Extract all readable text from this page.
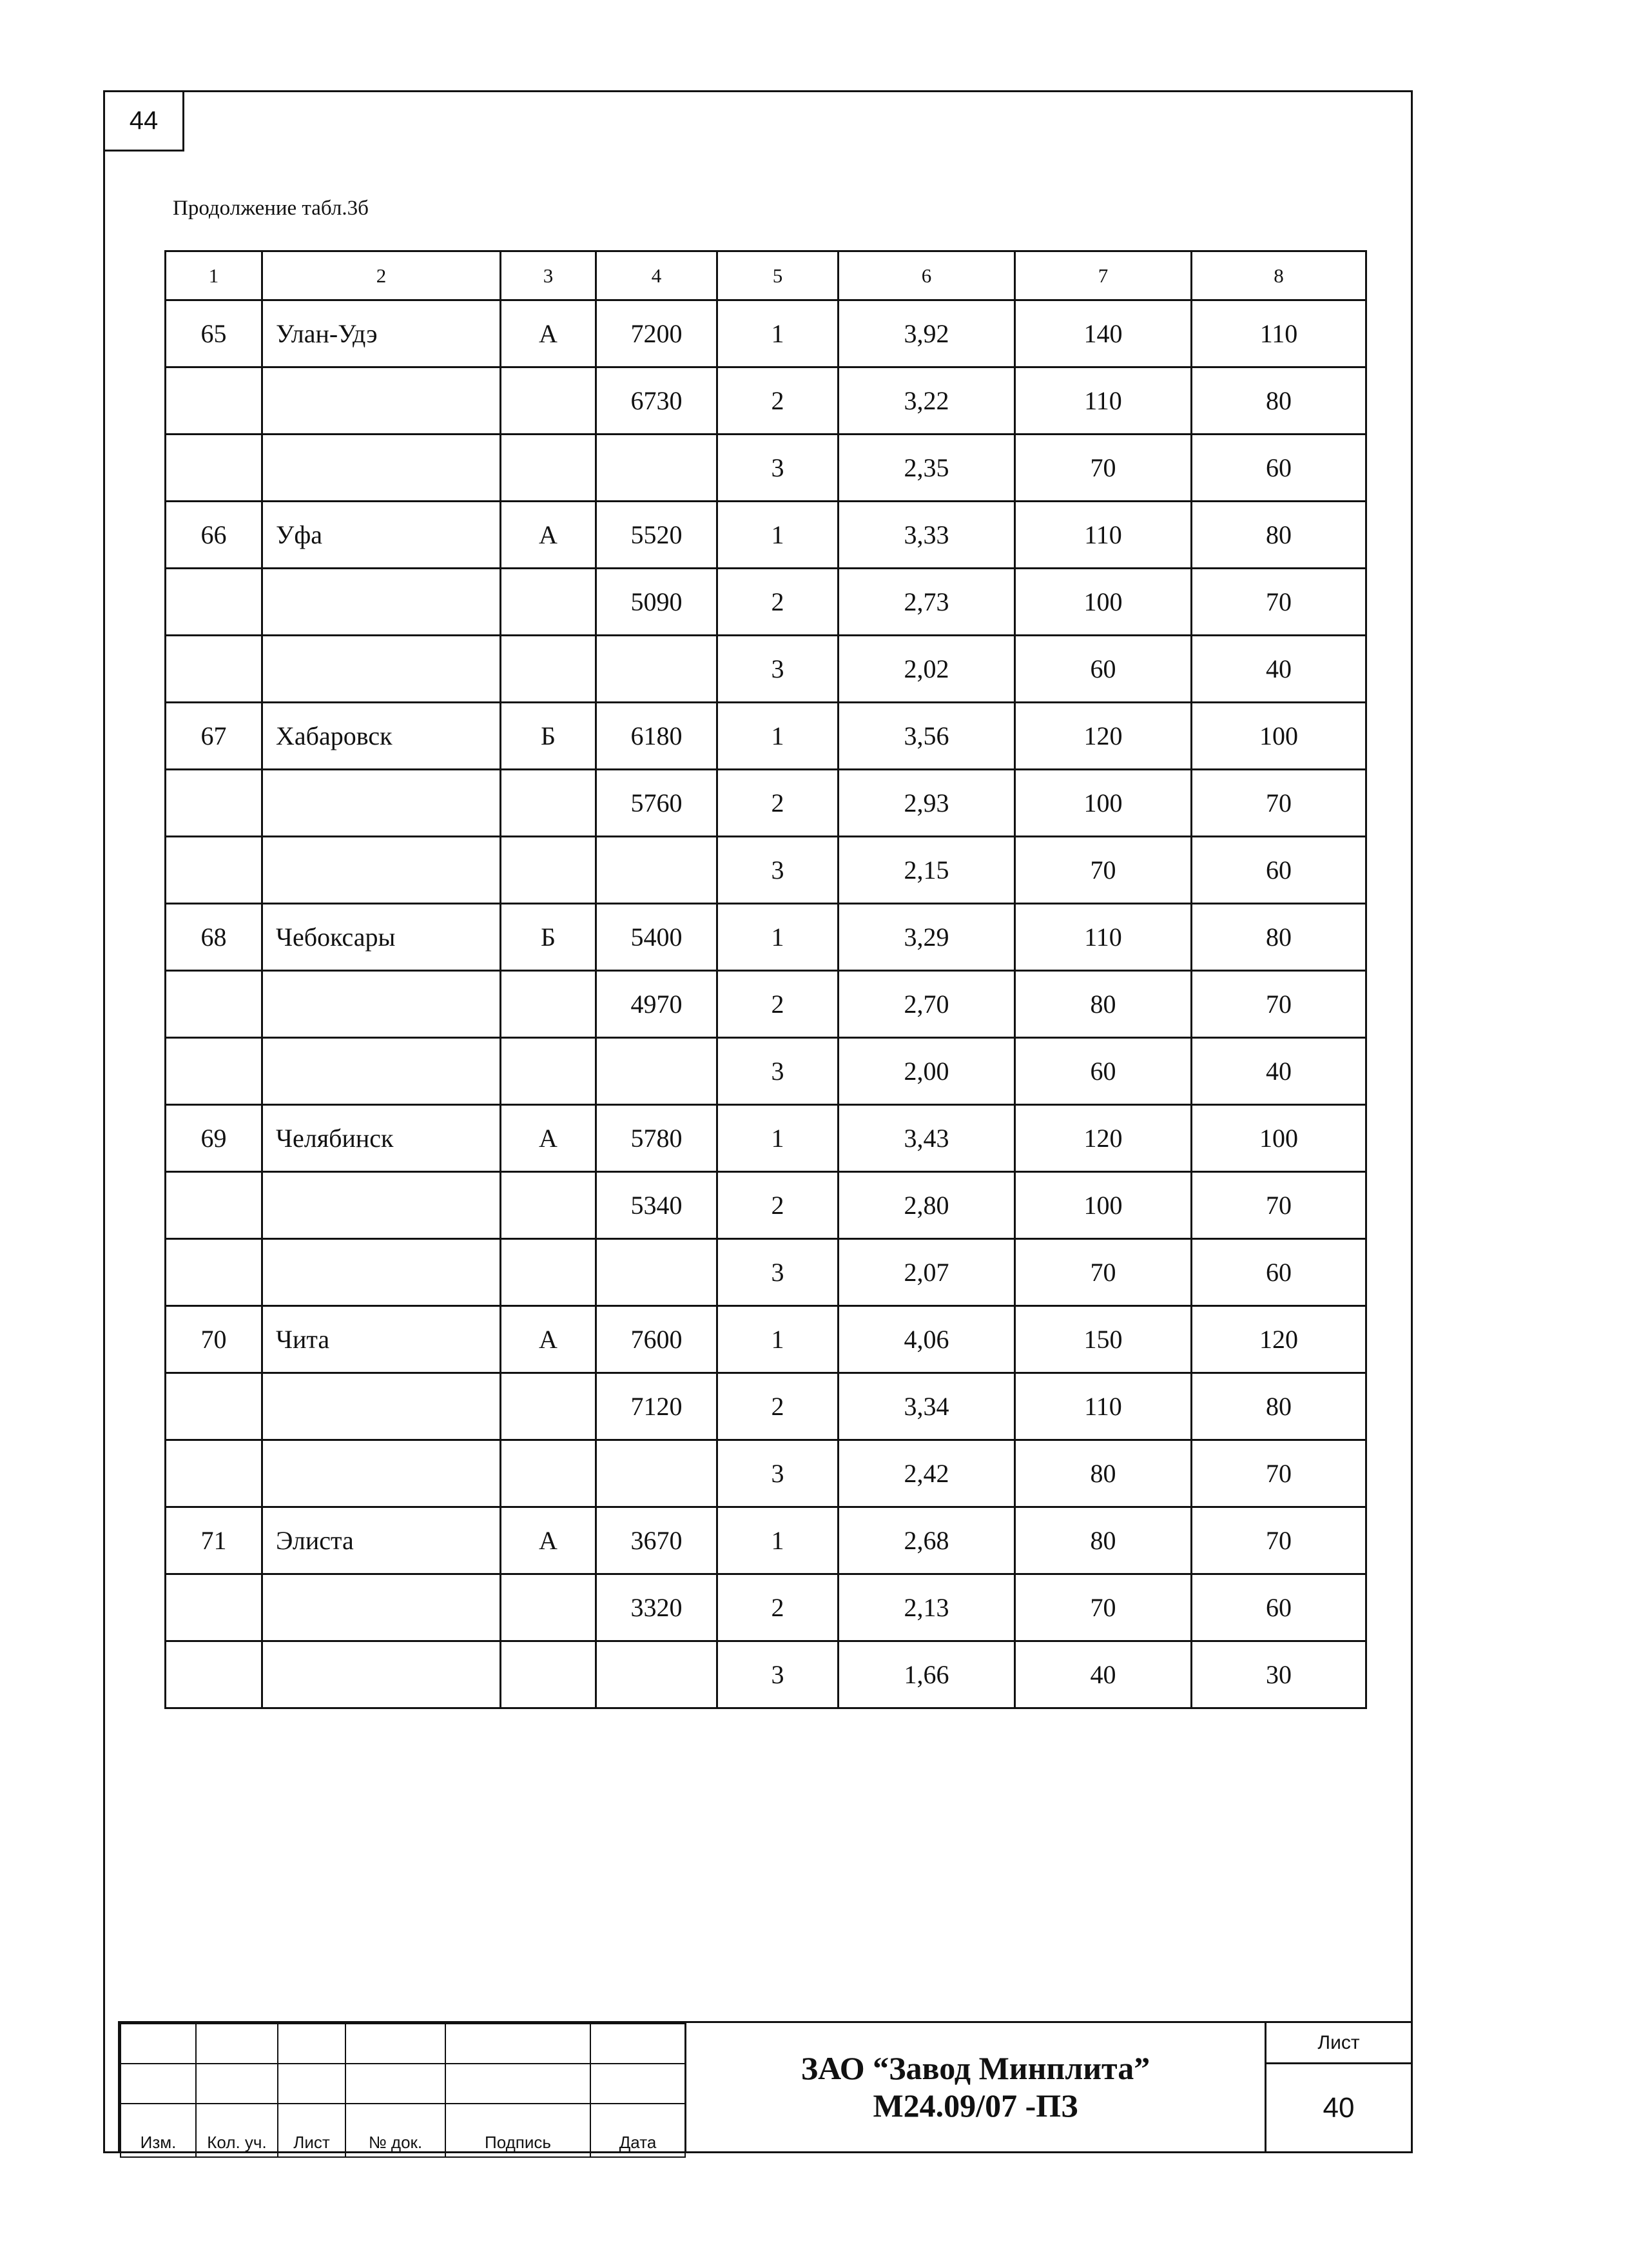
44
Продолжение табл.3б
1	2	3	4	5	6	7	8
65	Улан-Удэ	А	7200	1	3,92	140	110
			6730	2	3,22	110	80
				3	2,35	70	60
66	Уфа	А	5520	1	3,33	110	80
			5090	2	2,73	100	70
				3	2,02	60	40
67	Хабаровск	Б	6180	1	3,56	120	100
			5760	2	2,93	100	70
				3	2,15	70	60
68	Чебоксары	Б	5400	1	3,29	110	80
			4970	2	2,70	80	70
				3	2,00	60	40
69	Челябинск	А	5780	1	3,43	120	100
			5340	2	2,80	100	70
				3	2,07	70	60
70	Чита	А	7600	1	4,06	150	120
			7120	2	3,34	110	80
				3	2,42	80	70
71	Элиста	А	3670	1	2,68	80	70
			3320	2	2,13	70	60
				3	1,66	40	30

Изм.	Кол. уч.	Лист	№ док.	Подпись	Дата
ЗАО “Завод Минплита”
М24.09/07 -ПЗ
Лист
40
